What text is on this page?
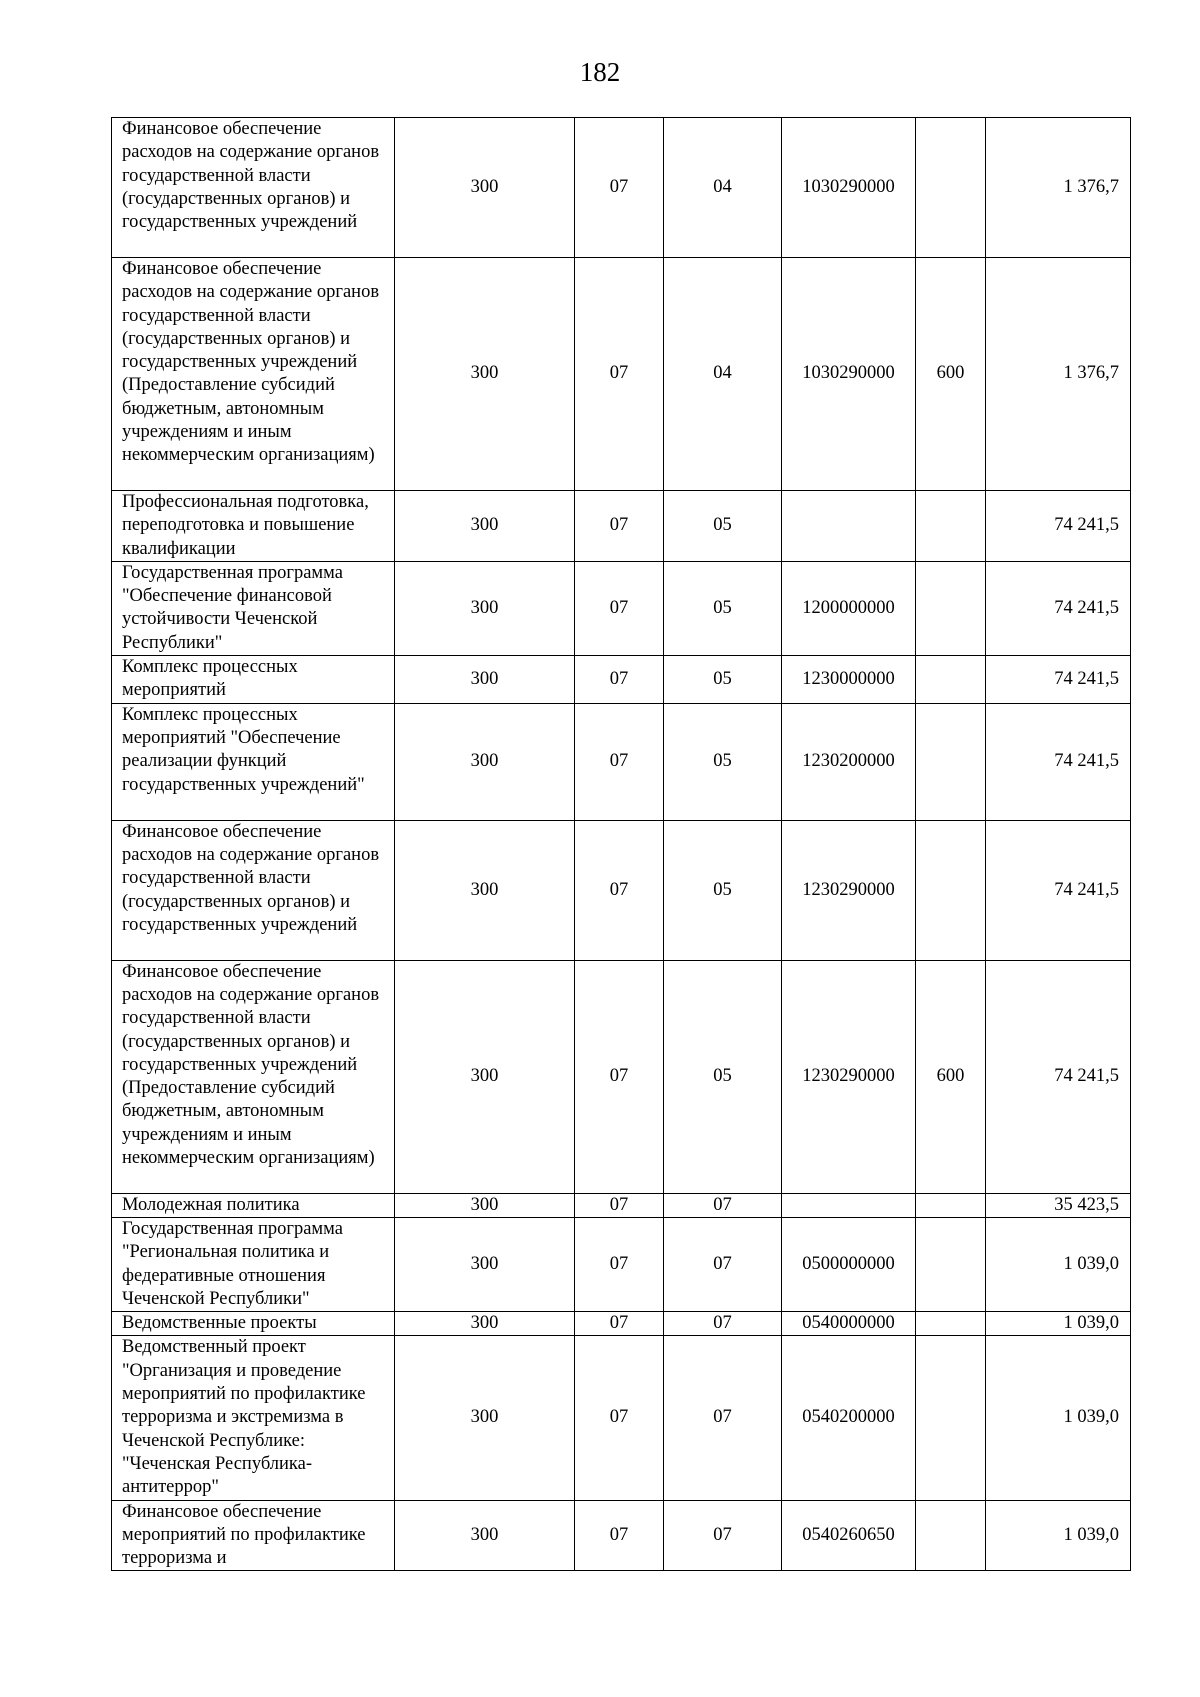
182
Финансовое обеспечение расходов на содержание органов государственной власти (государственных органов) и государственных учреждений	300	07	04	1030290000		1 376,7
Финансовое обеспечение расходов на содержание органов государственной власти (государственных органов) и государственных учреждений (Предоставление субсидий бюджетным, автономным учреждениям и иным некоммерческим организациям)	300	07	04	1030290000	600	1 376,7
Профессиональная подготовка, переподготовка и повышение квалификации	300	07	05			74 241,5
Государственная программа "Обеспечение финансовой устойчивости Чеченской Республики"	300	07	05	1200000000		74 241,5
Комплекс процессных мероприятий	300	07	05	1230000000		74 241,5
Комплекс процессных мероприятий "Обеспечение реализации функций государственных учреждений"	300	07	05	1230200000		74 241,5
Финансовое обеспечение расходов на содержание органов государственной власти (государственных органов) и государственных учреждений	300	07	05	1230290000		74 241,5
Финансовое обеспечение расходов на содержание органов государственной власти (государственных органов) и государственных учреждений (Предоставление субсидий бюджетным, автономным учреждениям и иным некоммерческим организациям)	300	07	05	1230290000	600	74 241,5
Молодежная политика	300	07	07			35 423,5
Государственная программа "Региональная политика и федеративные отношения Чеченской Республики"	300	07	07	0500000000		1 039,0
Ведомственные проекты	300	07	07	0540000000		1 039,0
Ведомственный проект "Организация и проведение мероприятий по профилактике терроризма и экстремизма в Чеченской Республике: "Чеченская Республика-антитеррор"	300	07	07	0540200000		1 039,0
Финансовое обеспечение мероприятий по профилактике терроризма и	300	07	07	0540260650		1 039,0
